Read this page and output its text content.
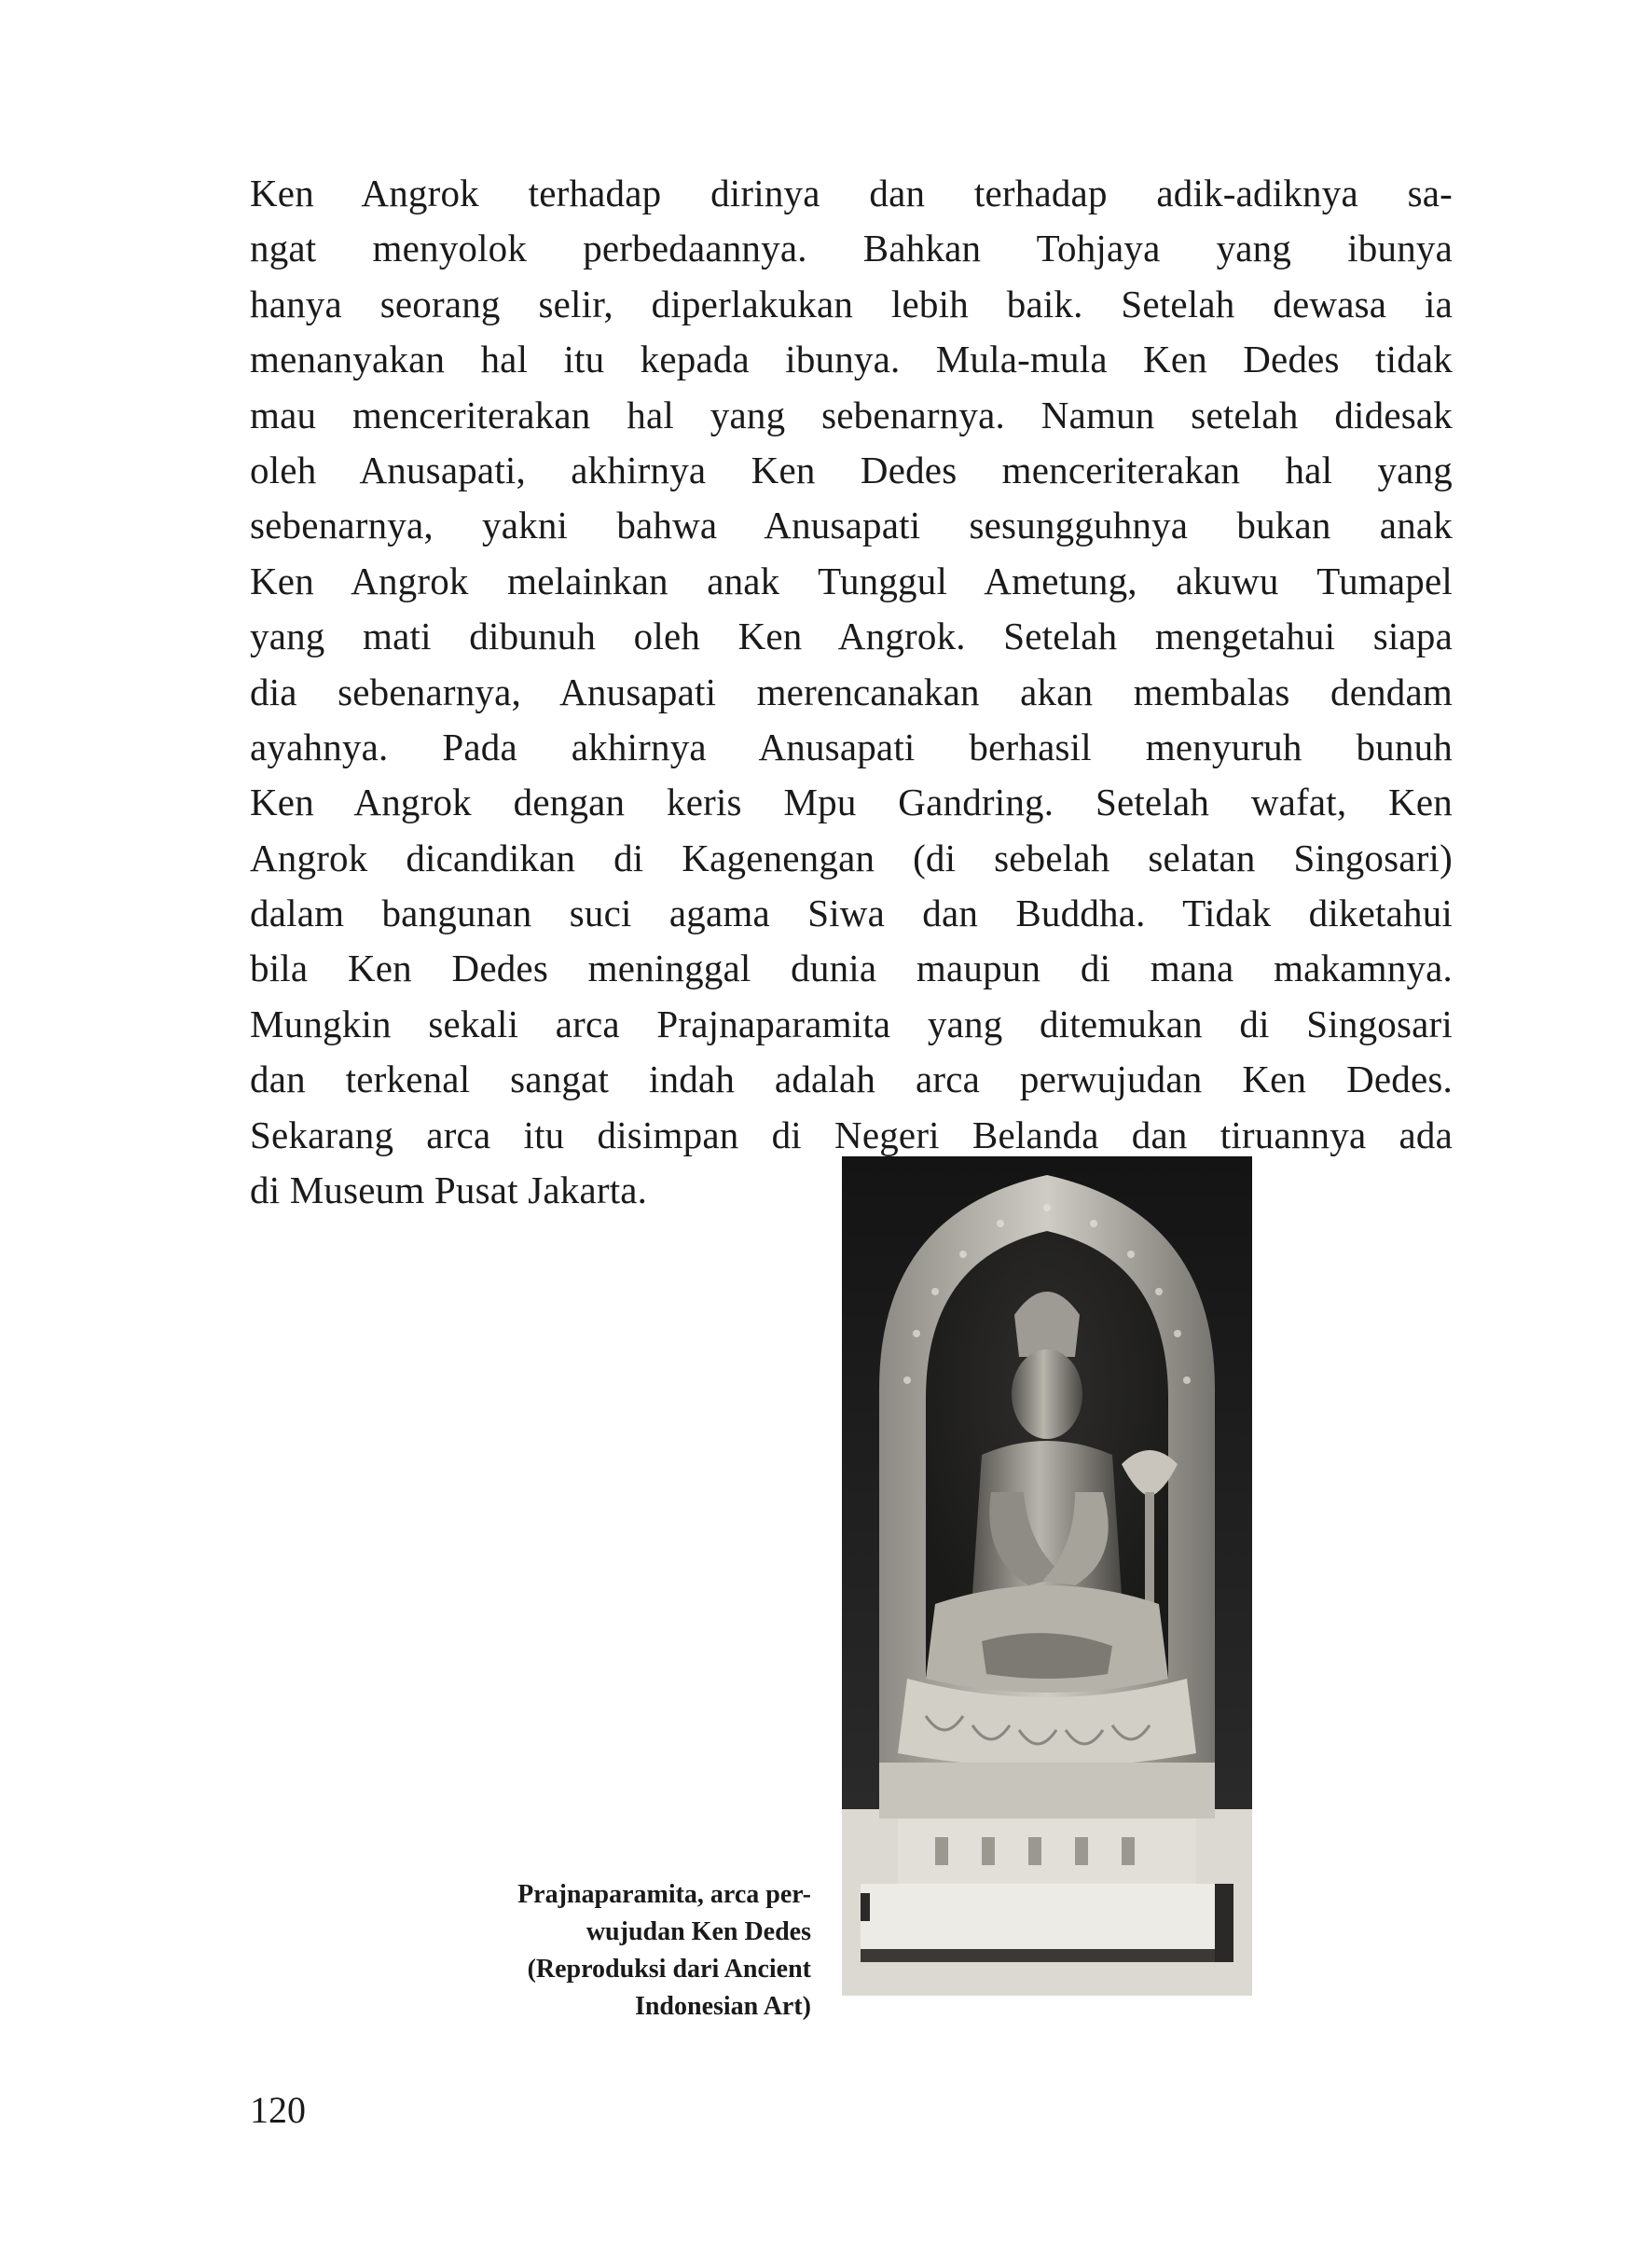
Ken Angrok terhadap dirinya dan terhadap adik-adiknya sa-
ngat menyolok perbedaannya. Bahkan Tohjaya yang ibunya
hanya seorang selir, diperlakukan lebih baik. Setelah dewasa ia
menanyakan hal itu kepada ibunya. Mula-mula Ken Dedes tidak
mau menceriterakan hal yang sebenarnya. Namun setelah didesak
oleh Anusapati, akhirnya Ken Dedes menceriterakan hal yang
sebenarnya, yakni bahwa Anusapati sesungguhnya bukan anak
Ken Angrok melainkan anak Tunggul Ametung, akuwu Tumapel
yang mati dibunuh oleh Ken Angrok. Setelah mengetahui siapa
dia sebenarnya, Anusapati merencanakan akan membalas dendam
ayahnya. Pada akhirnya Anusapati berhasil menyuruh bunuh
Ken Angrok dengan keris Mpu Gandring. Setelah wafat, Ken
Angrok dicandikan di Kagenengan (di sebelah selatan Singosari)
dalam bangunan suci agama Siwa dan Buddha. Tidak diketahui
bila Ken Dedes meninggal dunia maupun di mana makamnya.
Mungkin sekali arca Prajnaparamita yang ditemukan di Singosari
dan terkenal sangat indah adalah arca perwujudan Ken Dedes.
Sekarang arca itu disimpan di Negeri Belanda dan tiruannya ada
di Museum Pusat Jakarta.
Prajnaparamita, arca per-
wujudan Ken Dedes
(Reproduksi dari Ancient
Indonesian Art)
120
